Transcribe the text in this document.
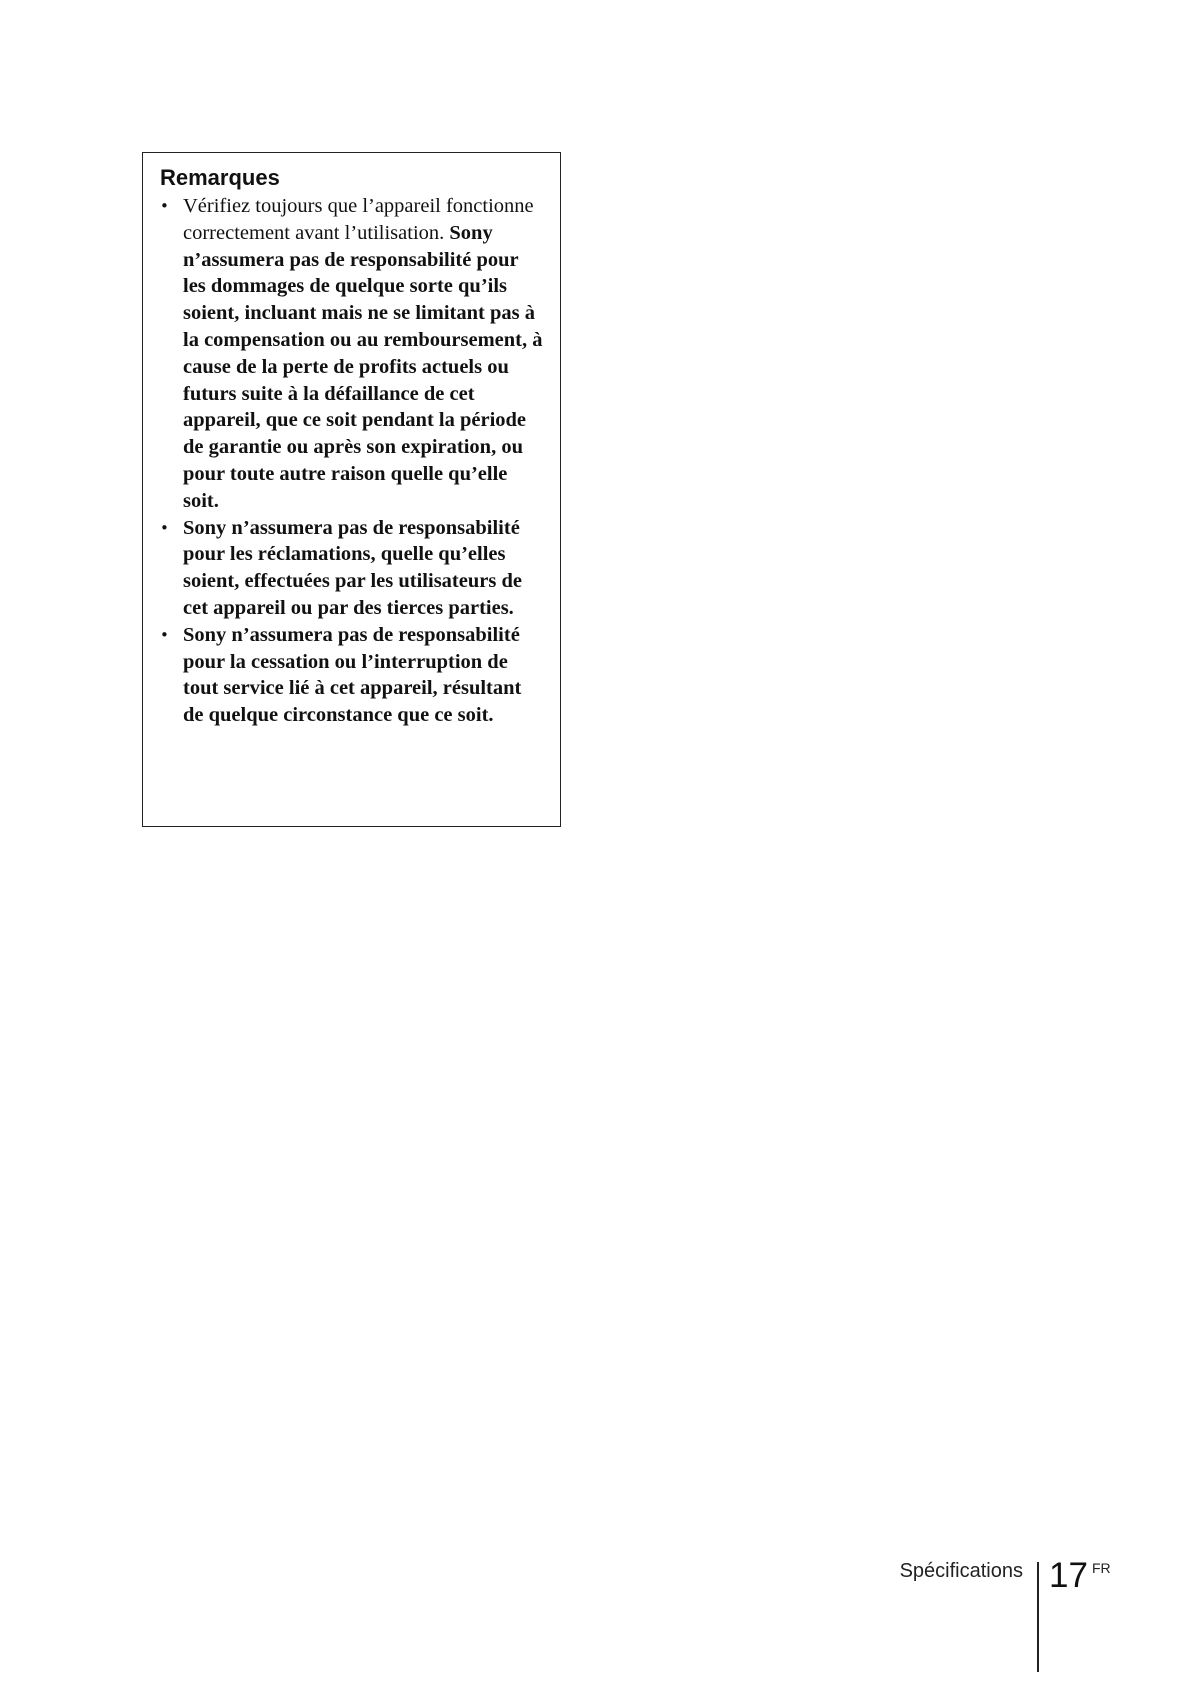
Remarques
• Vérifiez toujours que l’appareil fonctionne correctement avant l’utilisation. Sony n’assumera pas de responsabilité pour les dommages de quelque sorte qu’ils soient, incluant mais ne se limitant pas à la compensation ou au remboursement, à cause de la perte de profits actuels ou futurs suite à la défaillance de cet appareil, que ce soit pendant la période de garantie ou après son expiration, ou pour toute autre raison quelle qu’elle soit.
• Sony n’assumera pas de responsabilité pour les réclamations, quelle qu’elles soient, effectuées par les utilisateurs de cet appareil ou par des tierces parties.
• Sony n’assumera pas de responsabilité pour la cessation ou l’interruption de tout service lié à cet appareil, résultant de quelque circonstance que ce soit.
Spécifications 17 FR
